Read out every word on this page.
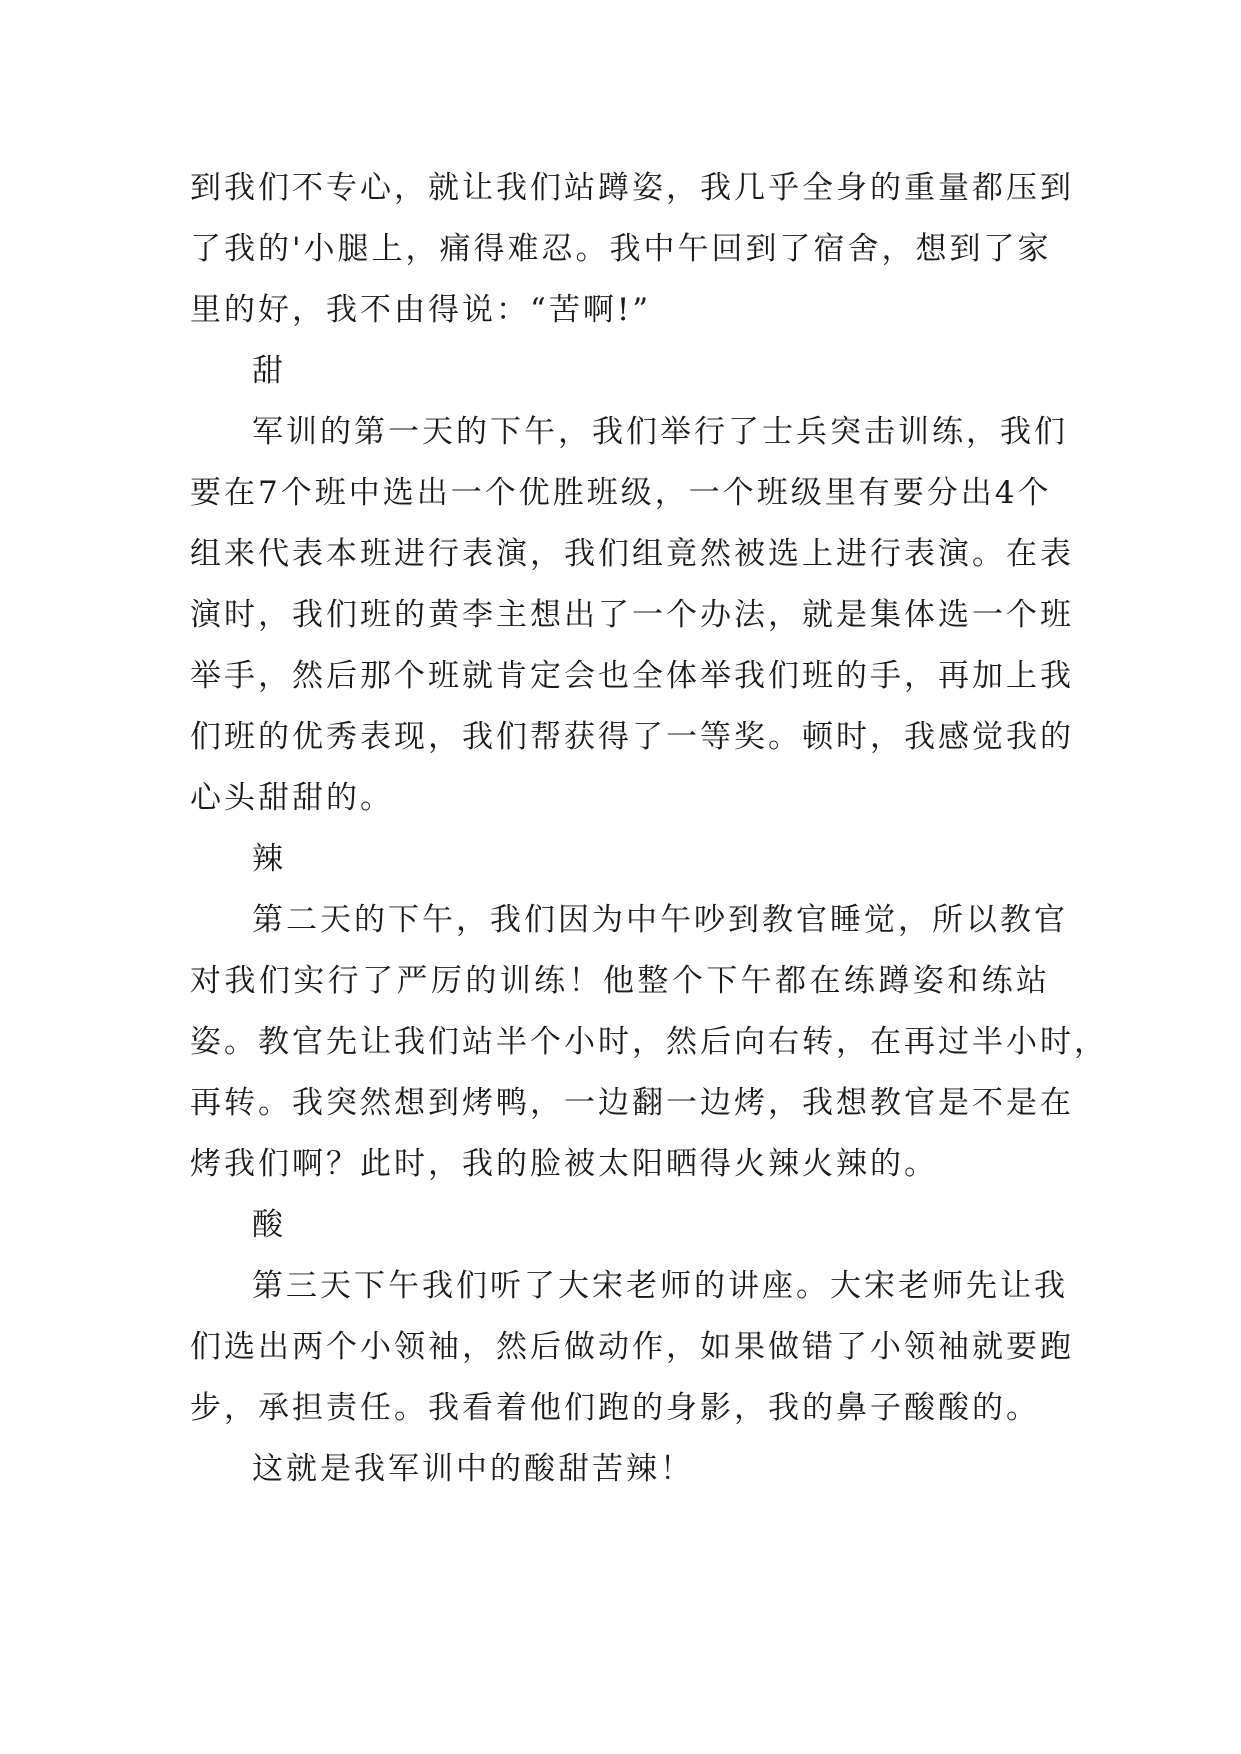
到我们不专心，就让我们站蹲姿，我几乎全身的重量都压到
了我的'小腿上，痛得难忍。我中午回到了宿舍，想到了家
里的好，我不由得说：“苦啊!”
甜
军训的第一天的下午，我们举行了士兵突击训练，我们
要在7个班中选出一个优胜班级，一个班级里有要分出4个
组来代表本班进行表演，我们组竟然被选上进行表演。在表
演时，我们班的黄李主想出了一个办法，就是集体选一个班
举手，然后那个班就肯定会也全体举我们班的手，再加上我
们班的优秀表现，我们帮获得了一等奖。顿时，我感觉我的
心头甜甜的。
辣
第二天的下午，我们因为中午吵到教官睡觉，所以教官
对我们实行了严厉的训练！他整个下午都在练蹲姿和练站
姿。教官先让我们站半个小时，然后向右转，在再过半小时，
再转。我突然想到烤鸭，一边翻一边烤，我想教官是不是在
烤我们啊？此时，我的脸被太阳晒得火辣火辣的。
酸
第三天下午我们听了大宋老师的讲座。大宋老师先让我
们选出两个小领袖，然后做动作，如果做错了小领袖就要跑
步，承担责任。我看着他们跑的身影，我的鼻子酸酸的。
这就是我军训中的酸甜苦辣！
